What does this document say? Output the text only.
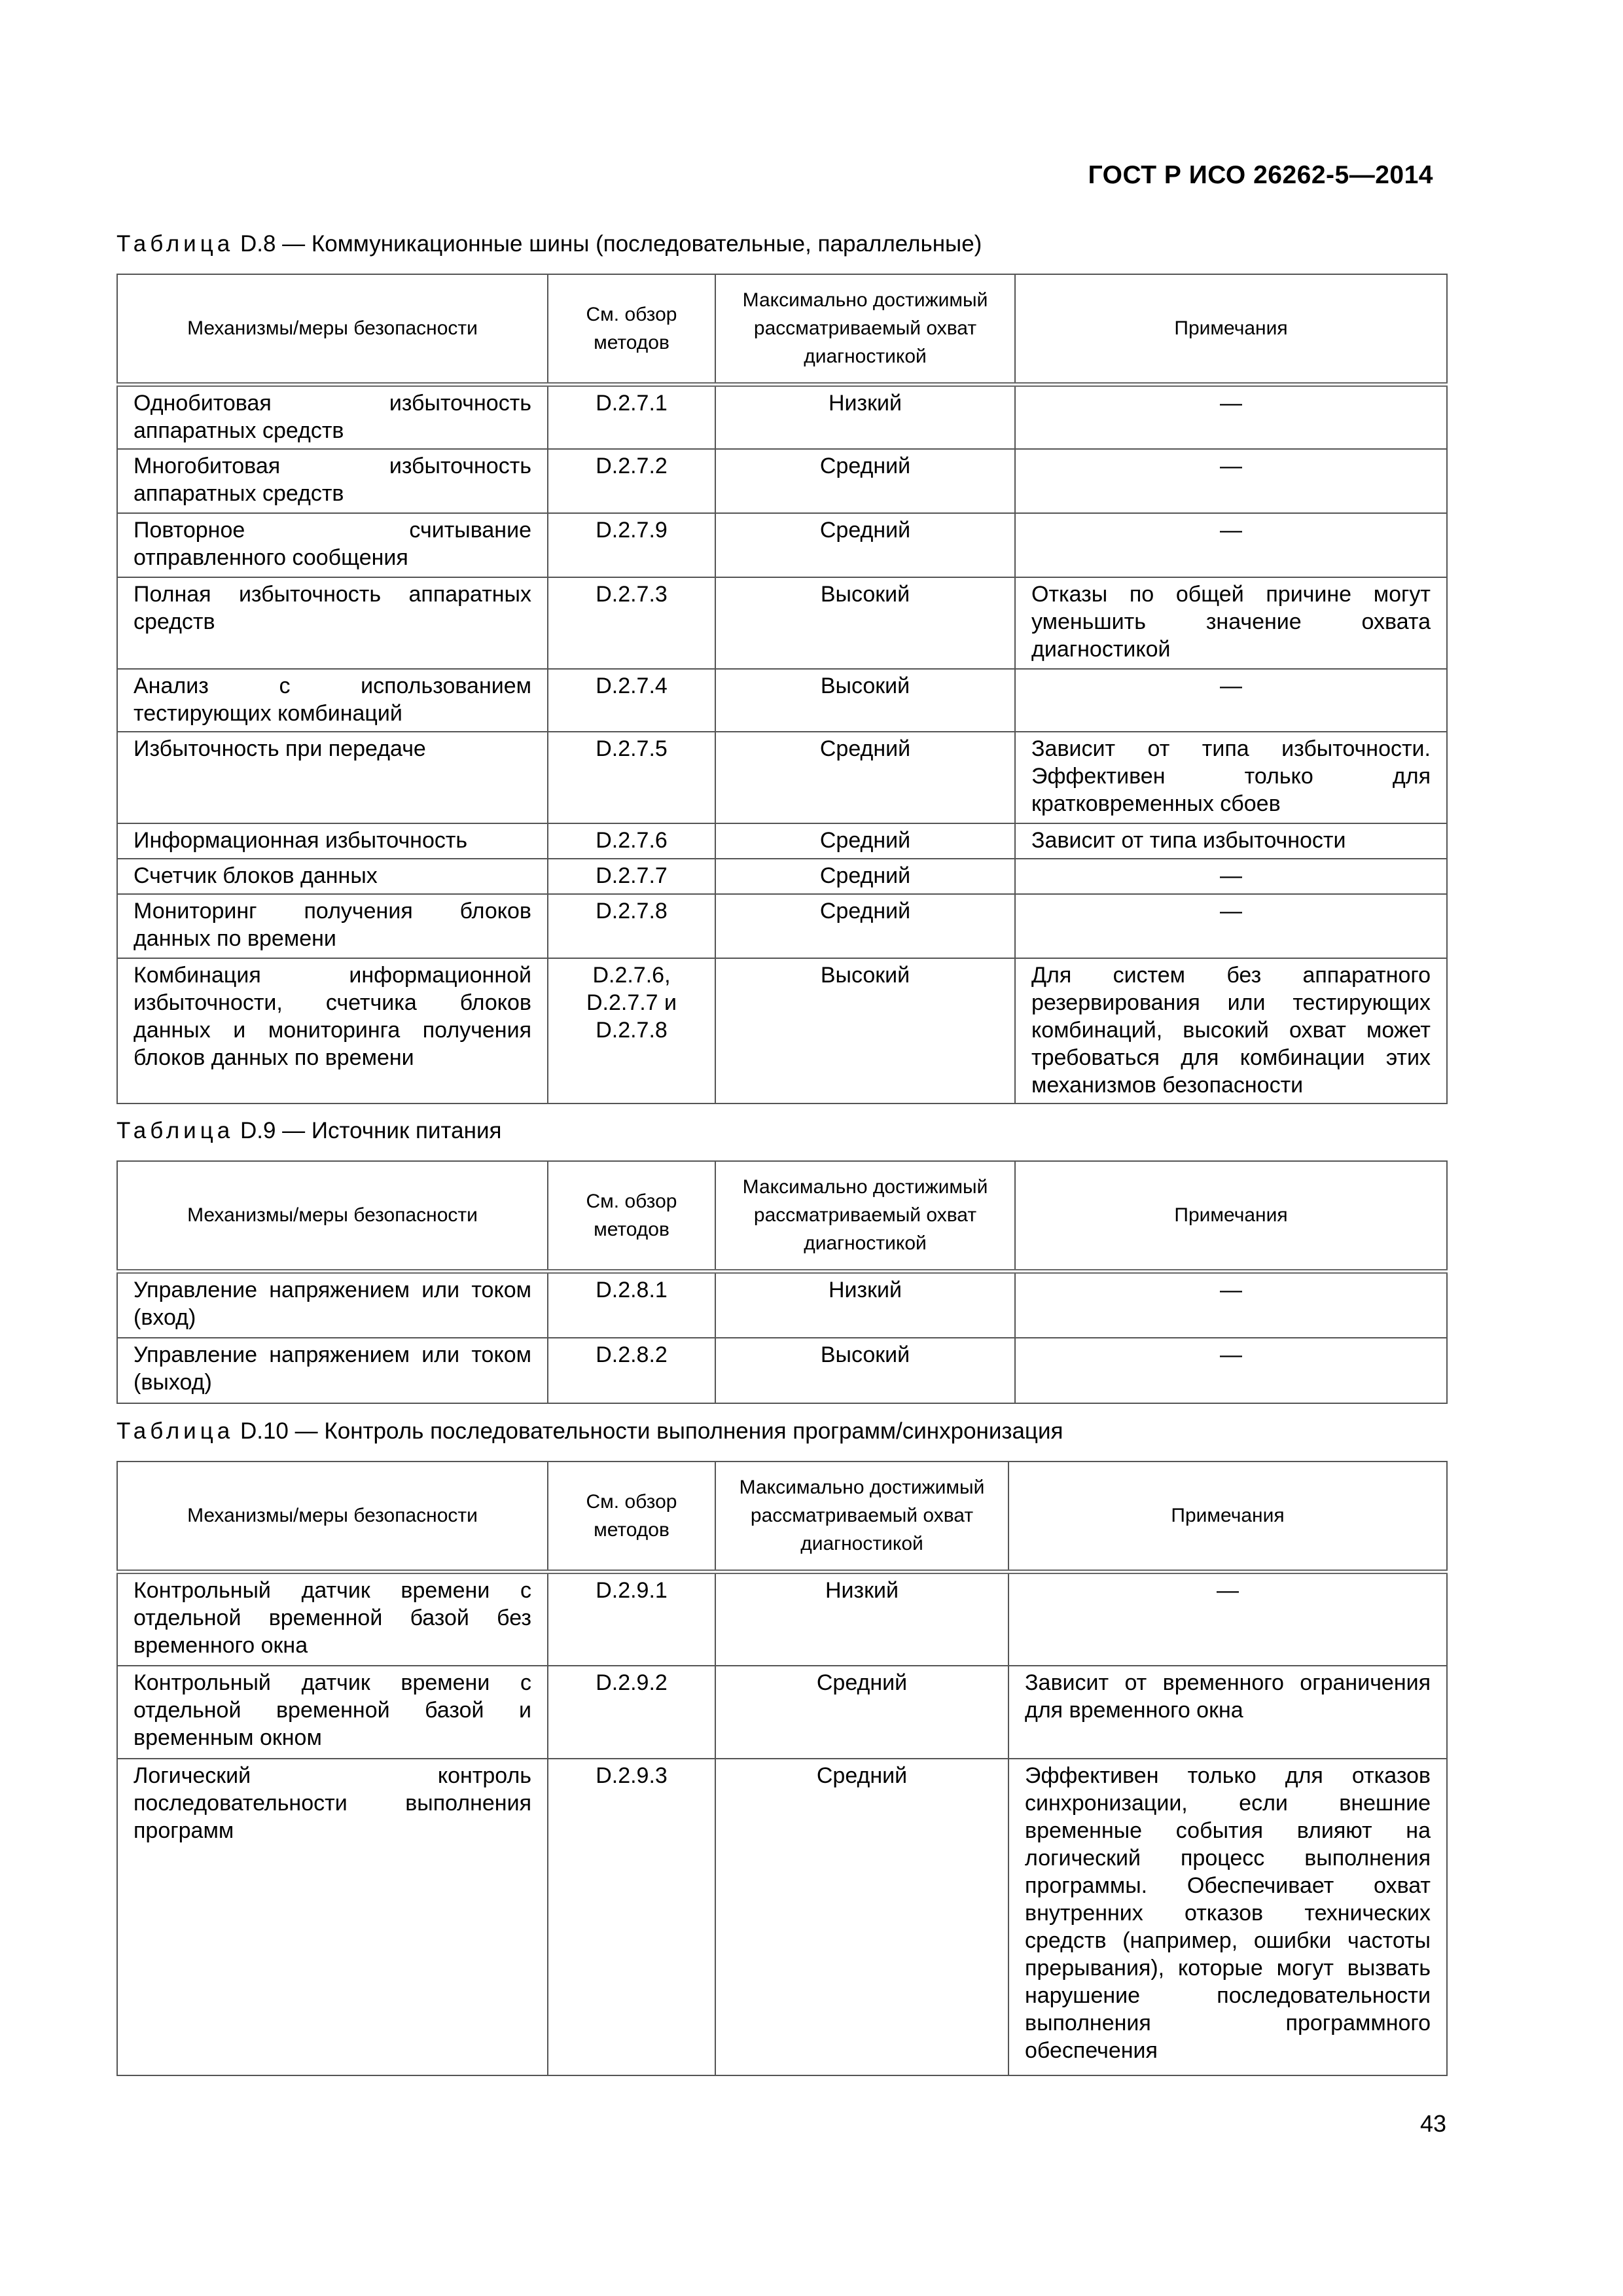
ГОСТ Р ИСО 26262-5—2014
Таблица D.8 — Коммуникационные шины (последовательные, параллельные)
Механизмы/меры безопасности	См. обзор методов	Максимально достижимый рассматриваемый охват диагностикой	Примечания
Однобитовая избыточность аппаратных средств	D.2.7.1	Низкий	—
Многобитовая избыточность аппаратных средств	D.2.7.2	Средний	—
Повторное считывание отправленного сообщения	D.2.7.9	Средний	—
Полная избыточность аппаратных средств	D.2.7.3	Высокий	Отказы по общей причине могут уменьшить значение охвата диагностикой
Анализ с использованием тестирующих комбинаций	D.2.7.4	Высокий	—
Избыточность при передаче	D.2.7.5	Средний	Зависит от типа избыточности. Эффективен только для кратковременных сбоев
Информационная избыточность	D.2.7.6	Средний	Зависит от типа избыточности
Счетчик блоков данных	D.2.7.7	Средний	—
Мониторинг получения блоков данных по времени	D.2.7.8	Средний	—
Комбинация информационной избыточности, счетчика блоков данных и мониторинга получения блоков данных по времени	D.2.7.6, D.2.7.7 и D.2.7.8	Высокий	Для систем без аппаратного резервирования или тестирующих комбинаций, высокий охват может требоваться для комбинации этих механизмов безопасности
Таблица D.9 — Источник питания
Механизмы/меры безопасности	См. обзор методов	Максимально достижимый рассматриваемый охват диагностикой	Примечания
Управление напряжением или током (вход)	D.2.8.1	Низкий	—
Управление напряжением или током (выход)	D.2.8.2	Высокий	—
Таблица D.10 — Контроль последовательности выполнения программ/синхронизация
Механизмы/меры безопасности	См. обзор методов	Максимально достижимый рассматриваемый охват диагностикой	Примечания
Контрольный датчик времени с отдельной временной базой без временного окна	D.2.9.1	Низкий	—
Контрольный датчик времени с отдельной временной базой и временным окном	D.2.9.2	Средний	Зависит от временного ограничения для временного окна
Логический контроль последовательности выполнения программ	D.2.9.3	Средний	Эффективен только для отказов синхронизации, если внешние временные события влияют на логический процесс выполнения программы. Обеспечивает охват внутренних отказов технических средств (например, ошибки частоты прерывания), которые могут вызвать нарушение последовательности выполнения программного обеспечения
43
